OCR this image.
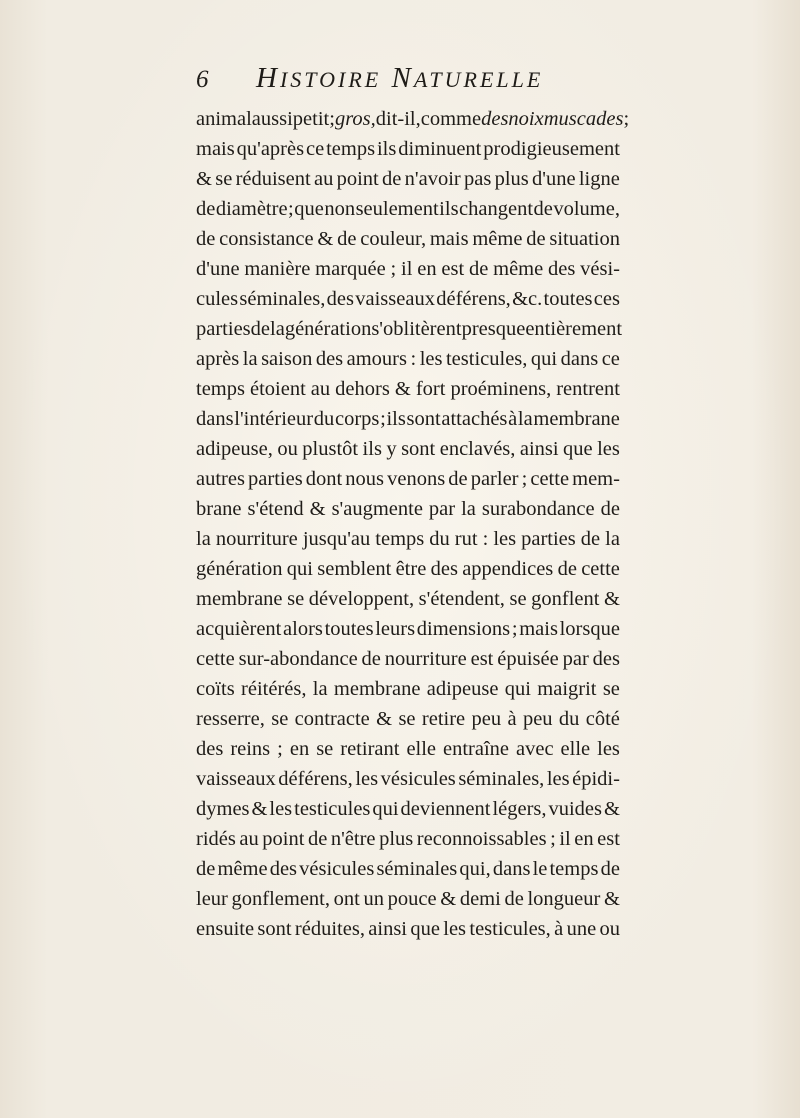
6 HISTOIRE NATURELLE
animal aussi petit ; gros, dit-il, comme des noix muscades ;
mais qu'après ce temps ils diminuent prodigieusement
& se réduisent au point de n'avoir pas plus d'une ligne
de diamètre ; que non seulement ils changent de volume,
de consistance & de couleur, mais même de situation
d'une manière marquée ; il en est de même des vési-
cules séminales, des vaisseaux déférens, &c. toutes ces
parties de la génération s'oblitèrent presque entièrement
après la saison des amours : les testicules, qui dans ce
temps étoient au dehors & fort proéminens, rentrent
dans l'intérieur du corps ; ils sont attachés à la membrane
adipeuse, ou plustôt ils y sont enclavés, ainsi que les
autres parties dont nous venons de parler ; cette mem-
brane s'étend & s'augmente par la surabondance de
la nourriture jusqu'au temps du rut : les parties de la
génération qui semblent être des appendices de cette
membrane se développent, s'étendent, se gonflent &
acquièrent alors toutes leurs dimensions ; mais lorsque
cette sur-abondance de nourriture est épuisée par des
coïts réitérés, la membrane adipeuse qui maigrit se
resserre, se contracte & se retire peu à peu du côté
des reins ; en se retirant elle entraîne avec elle les
vaisseaux déférens, les vésicules séminales, les épidi-
dymes & les testicules qui deviennent légers, vuides &
ridés au point de n'être plus reconnoissables ; il en est
de même des vésicules séminales qui, dans le temps de
leur gonflement, ont un pouce & demi de longueur &
ensuite sont réduites, ainsi que les testicules, à une ou
